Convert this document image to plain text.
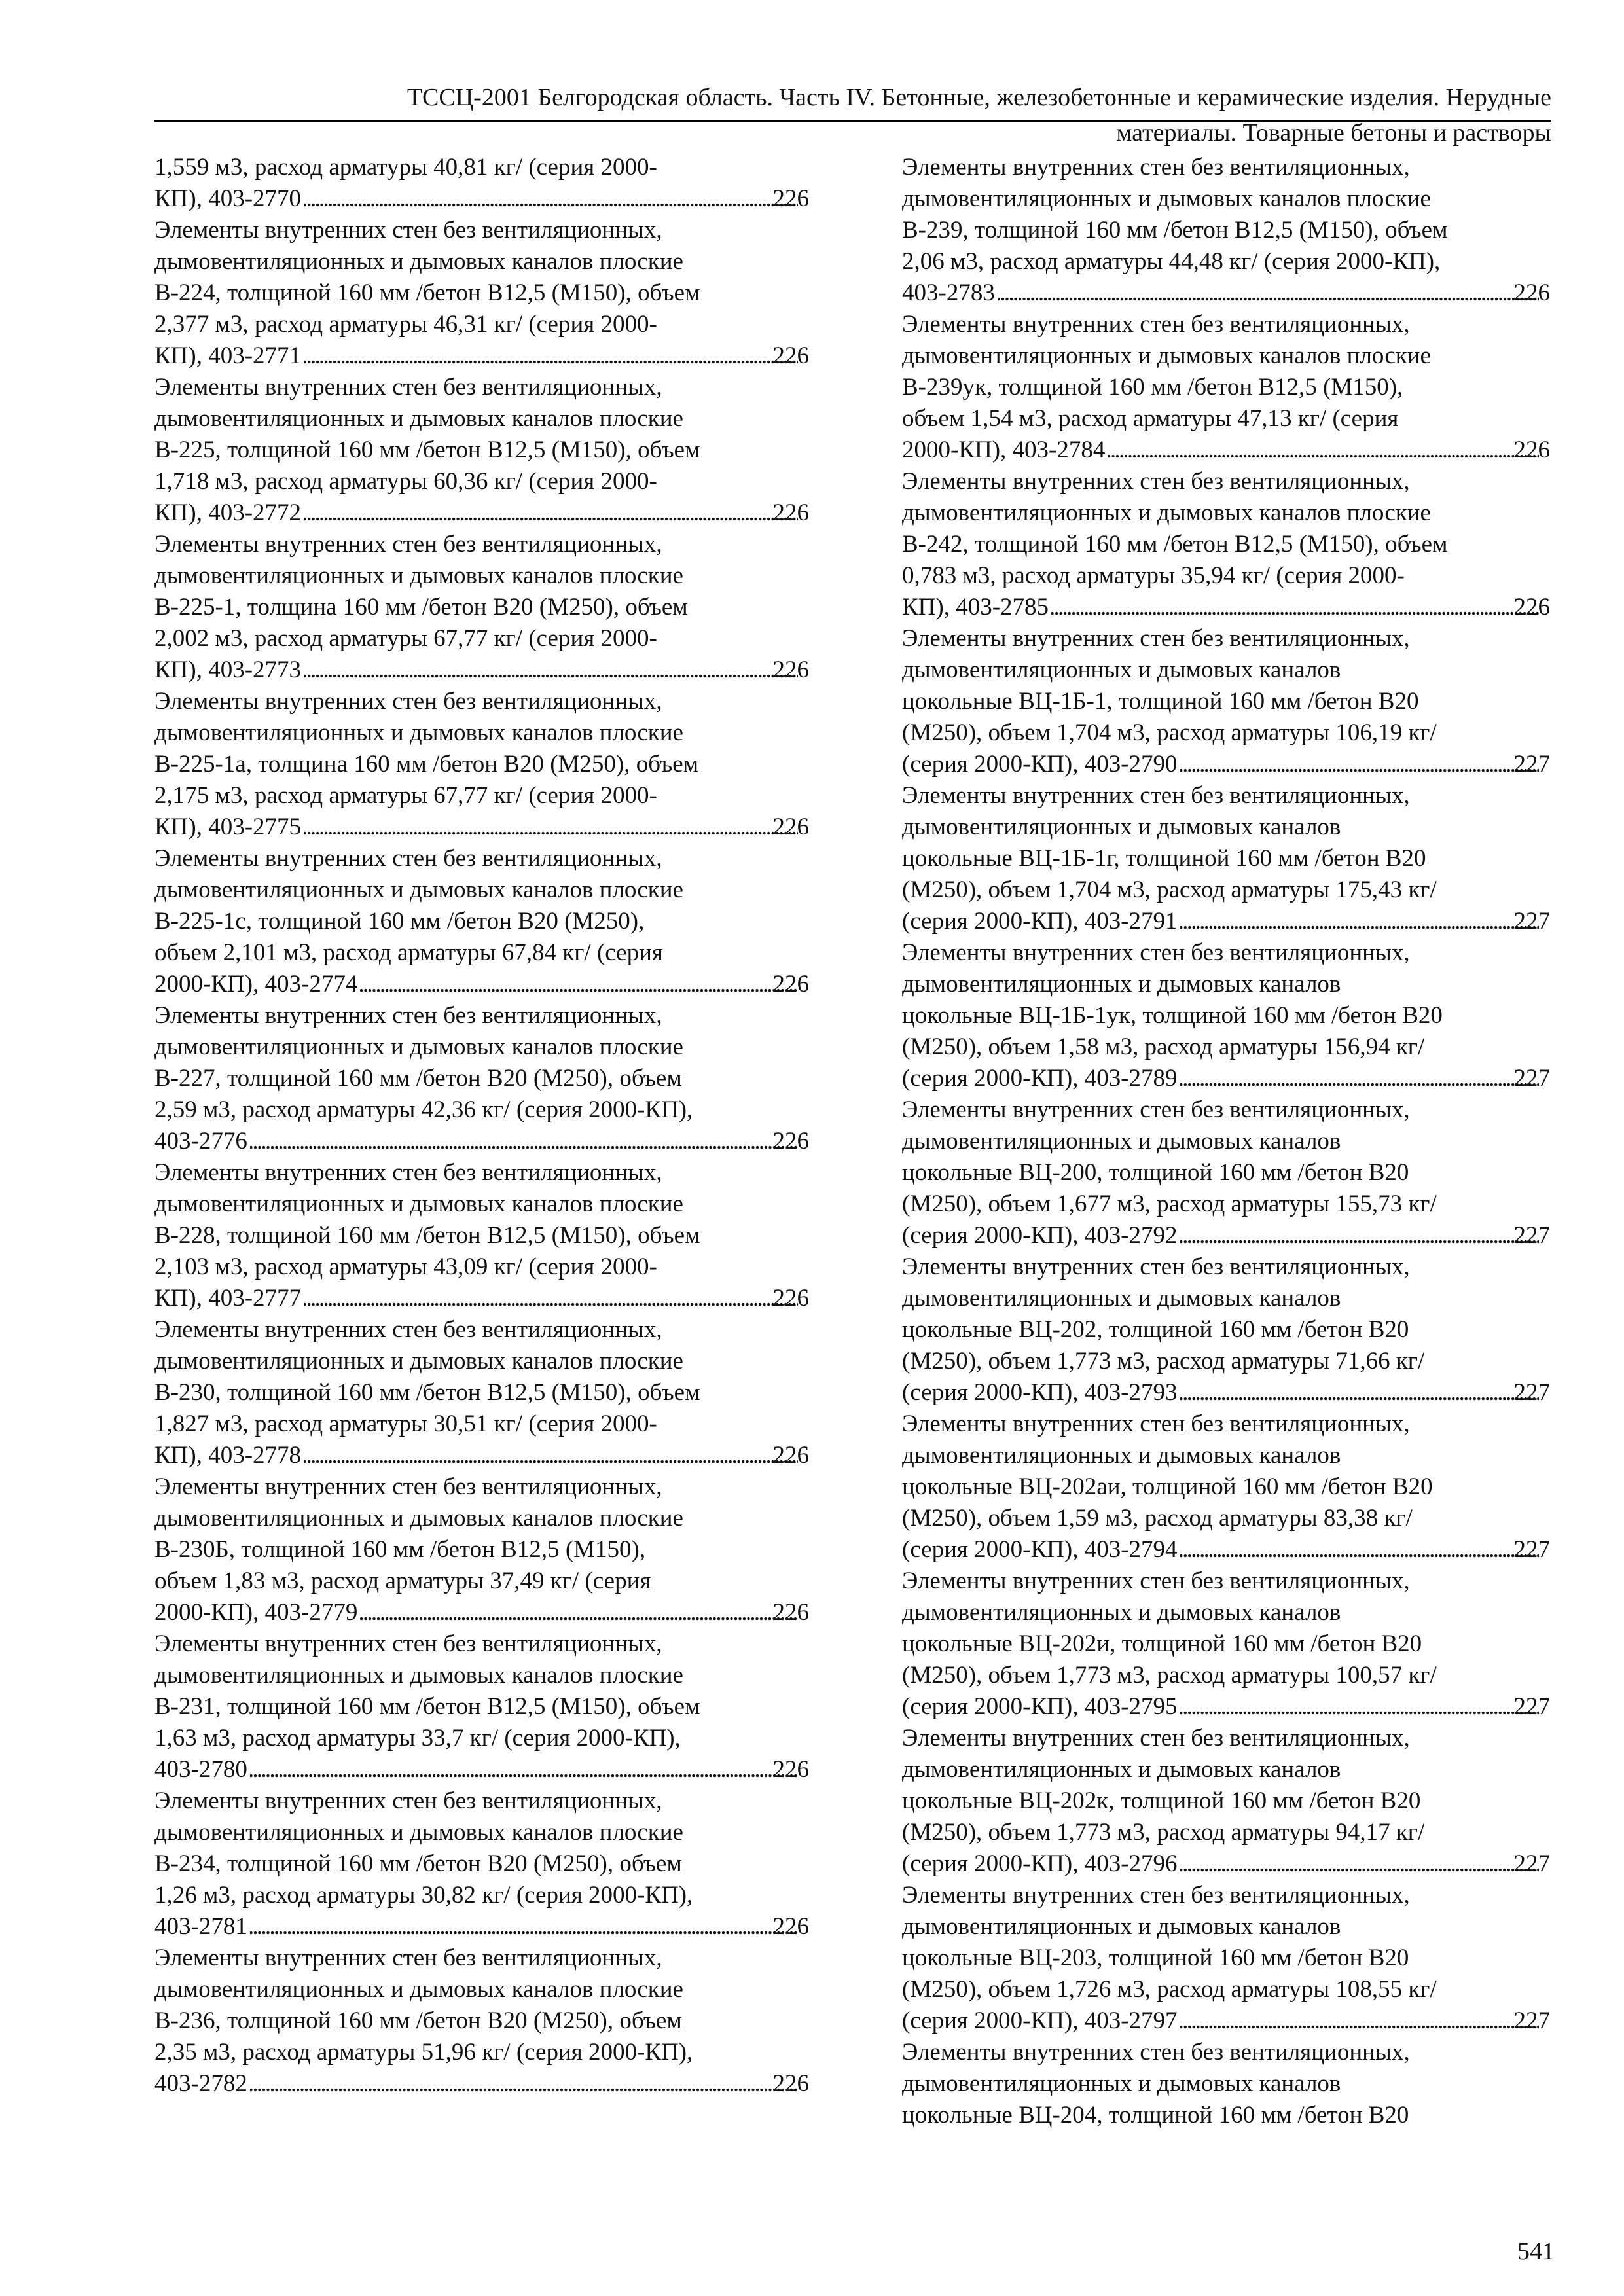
ТССЦ-2001 Белгородская область. Часть IV. Бетонные, железобетонные и керамические изделия. Нерудные
материалы. Товарные бетоны и растворы
1,559 м3, расход арматуры 40,81 кг/ (серия 2000-
КП), 403-2770 . . .	226
Элементы внутренних стен без вентиляционных,
дымовентиляционных и дымовых каналов плоские
В-224, толщиной 160 мм /бетон В12,5 (М150), объем
2,377 м3, расход арматуры 46,31 кг/ (серия 2000-
КП), 403-2771 . . .	226
Элементы внутренних стен без вентиляционных,
дымовентиляционных и дымовых каналов плоские
В-225, толщиной 160 мм /бетон В12,5 (М150), объем
1,718 м3, расход арматуры 60,36 кг/ (серия 2000-
КП), 403-2772 . . .	226
Элементы внутренних стен без вентиляционных,
дымовентиляционных и дымовых каналов плоские
В-225-1, толщина 160 мм /бетон В20 (М250), объем
2,002 м3, расход арматуры 67,77 кг/ (серия 2000-
КП), 403-2773 . . .	226
Элементы внутренних стен без вентиляционных,
дымовентиляционных и дымовых каналов плоские
В-225-1а, толщина 160 мм /бетон В20 (М250), объем
2,175 м3, расход арматуры 67,77 кг/ (серия 2000-
КП), 403-2775 . . .	226
Элементы внутренних стен без вентиляционных,
дымовентиляционных и дымовых каналов плоские
В-225-1с, толщиной 160 мм /бетон В20 (М250),
объем 2,101 м3, расход арматуры 67,84 кг/ (серия
2000-КП), 403-2774 . . .	226
Элементы внутренних стен без вентиляционных,
дымовентиляционных и дымовых каналов плоские
В-227, толщиной 160 мм /бетон В20 (М250), объем
2,59 м3, расход арматуры 42,36 кг/ (серия 2000-КП),
403-2776 . . .	226
Элементы внутренних стен без вентиляционных,
дымовентиляционных и дымовых каналов плоские
В-228, толщиной 160 мм /бетон В12,5 (М150), объем
2,103 м3, расход арматуры 43,09 кг/ (серия 2000-
КП), 403-2777 . . .	226
Элементы внутренних стен без вентиляционных,
дымовентиляционных и дымовых каналов плоские
В-230, толщиной 160 мм /бетон В12,5 (М150), объем
1,827 м3, расход арматуры 30,51 кг/ (серия 2000-
КП), 403-2778 . . .	226
Элементы внутренних стен без вентиляционных,
дымовентиляционных и дымовых каналов плоские
В-230Б, толщиной 160 мм /бетон В12,5 (М150),
объем 1,83 м3, расход арматуры 37,49 кг/ (серия
2000-КП), 403-2779 . . .	226
Элементы внутренних стен без вентиляционных,
дымовентиляционных и дымовых каналов плоские
В-231, толщиной 160 мм /бетон В12,5 (М150), объем
1,63 м3, расход арматуры 33,7 кг/ (серия 2000-КП),
403-2780 . . .	226
Элементы внутренних стен без вентиляционных,
дымовентиляционных и дымовых каналов плоские
В-234, толщиной 160 мм /бетон В20 (М250), объем
1,26 м3, расход арматуры 30,82 кг/ (серия 2000-КП),
403-2781 . . .	226
Элементы внутренних стен без вентиляционных,
дымовентиляционных и дымовых каналов плоские
В-236, толщиной 160 мм /бетон В20 (М250), объем
2,35 м3, расход арматуры 51,96 кг/ (серия 2000-КП),
403-2782 . . .	226
Элементы внутренних стен без вентиляционных,
дымовентиляционных и дымовых каналов плоские
В-239, толщиной 160 мм /бетон В12,5 (М150), объем
2,06 м3, расход арматуры 44,48 кг/ (серия 2000-КП),
403-2783 . . .	226
Элементы внутренних стен без вентиляционных,
дымовентиляционных и дымовых каналов плоские
В-239ук, толщиной 160 мм /бетон В12,5 (М150),
объем 1,54 м3, расход арматуры 47,13 кг/ (серия
2000-КП), 403-2784 . . .	226
Элементы внутренних стен без вентиляционных,
дымовентиляционных и дымовых каналов плоские
В-242, толщиной 160 мм /бетон В12,5 (М150), объем
0,783 м3, расход арматуры 35,94 кг/ (серия 2000-
КП), 403-2785 . . .	226
Элементы внутренних стен без вентиляционных,
дымовентиляционных и дымовых каналов
цокольные ВЦ-1Б-1, толщиной 160 мм /бетон В20
(М250), объем 1,704 м3, расход арматуры 106,19 кг/
(серия 2000-КП), 403-2790 . . .	227
Элементы внутренних стен без вентиляционных,
дымовентиляционных и дымовых каналов
цокольные ВЦ-1Б-1г, толщиной 160 мм /бетон В20
(М250), объем 1,704 м3, расход арматуры 175,43 кг/
(серия 2000-КП), 403-2791 . . .	227
Элементы внутренних стен без вентиляционных,
дымовентиляционных и дымовых каналов
цокольные ВЦ-1Б-1ук, толщиной 160 мм /бетон В20
(М250), объем 1,58 м3, расход арматуры 156,94 кг/
(серия 2000-КП), 403-2789 . . .	227
Элементы внутренних стен без вентиляционных,
дымовентиляционных и дымовых каналов
цокольные ВЦ-200, толщиной 160 мм /бетон В20
(М250), объем 1,677 м3, расход арматуры 155,73 кг/
(серия 2000-КП), 403-2792 . . .	227
Элементы внутренних стен без вентиляционных,
дымовентиляционных и дымовых каналов
цокольные ВЦ-202, толщиной 160 мм /бетон В20
(М250), объем 1,773 м3, расход арматуры 71,66 кг/
(серия 2000-КП), 403-2793 . . .	227
Элементы внутренних стен без вентиляционных,
дымовентиляционных и дымовых каналов
цокольные ВЦ-202аи, толщиной 160 мм /бетон В20
(М250), объем 1,59 м3, расход арматуры 83,38 кг/
(серия 2000-КП), 403-2794 . . .	227
Элементы внутренних стен без вентиляционных,
дымовентиляционных и дымовых каналов
цокольные ВЦ-202и, толщиной 160 мм /бетон В20
(М250), объем 1,773 м3, расход арматуры 100,57 кг/
(серия 2000-КП), 403-2795 . . .	227
Элементы внутренних стен без вентиляционных,
дымовентиляционных и дымовых каналов
цокольные ВЦ-202к, толщиной 160 мм /бетон В20
(М250), объем 1,773 м3, расход арматуры 94,17 кг/
(серия 2000-КП), 403-2796 . . .	227
Элементы внутренних стен без вентиляционных,
дымовентиляционных и дымовых каналов
цокольные ВЦ-203, толщиной 160 мм /бетон В20
(М250), объем 1,726 м3, расход арматуры 108,55 кг/
(серия 2000-КП), 403-2797 . . .	227
Элементы внутренних стен без вентиляционных,
дымовентиляционных и дымовых каналов
цокольные ВЦ-204, толщиной 160 мм /бетон В20
541
